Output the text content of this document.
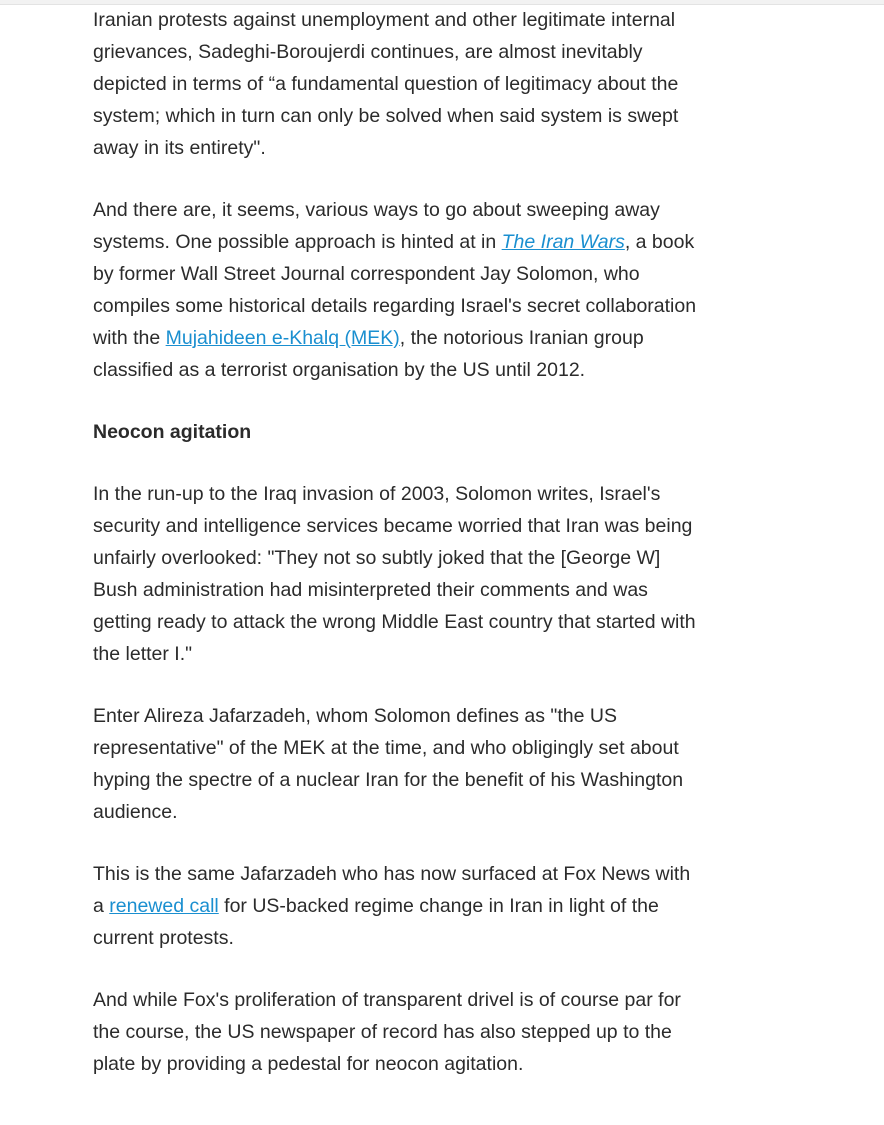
Iranian protests against unemployment and other legitimate internal grievances, Sadeghi-Boroujerdi continues, are almost inevitably depicted in terms of “a fundamental question of legitimacy about the system; which in turn can only be solved when said system is swept away in its entirety".

And there are, it seems, various ways to go about sweeping away systems. One possible approach is hinted at in The Iran Wars, a book by former Wall Street Journal correspondent Jay Solomon, who compiles some historical details regarding Israel's secret collaboration with the Mujahideen e-Khalq (MEK), the notorious Iranian group classified as a terrorist organisation by the US until 2012.

Neocon agitation

In the run-up to the Iraq invasion of 2003, Solomon writes, Israel's security and intelligence services became worried that Iran was being unfairly overlooked: "They not so subtly joked that the [George W] Bush administration had misinterpreted their comments and was getting ready to attack the wrong Middle East country that started with the letter I."

Enter Alireza Jafarzadeh, whom Solomon defines as "the US representative" of the MEK at the time, and who obligingly set about hyping the spectre of a nuclear Iran for the benefit of his Washington audience.

This is the same Jafarzadeh who has now surfaced at Fox News with a renewed call for US-backed regime change in Iran in light of the current protests.

And while Fox's proliferation of transparent drivel is of course par for the course, the US newspaper of record has also stepped up to the plate by providing a pedestal for neocon agitation.
